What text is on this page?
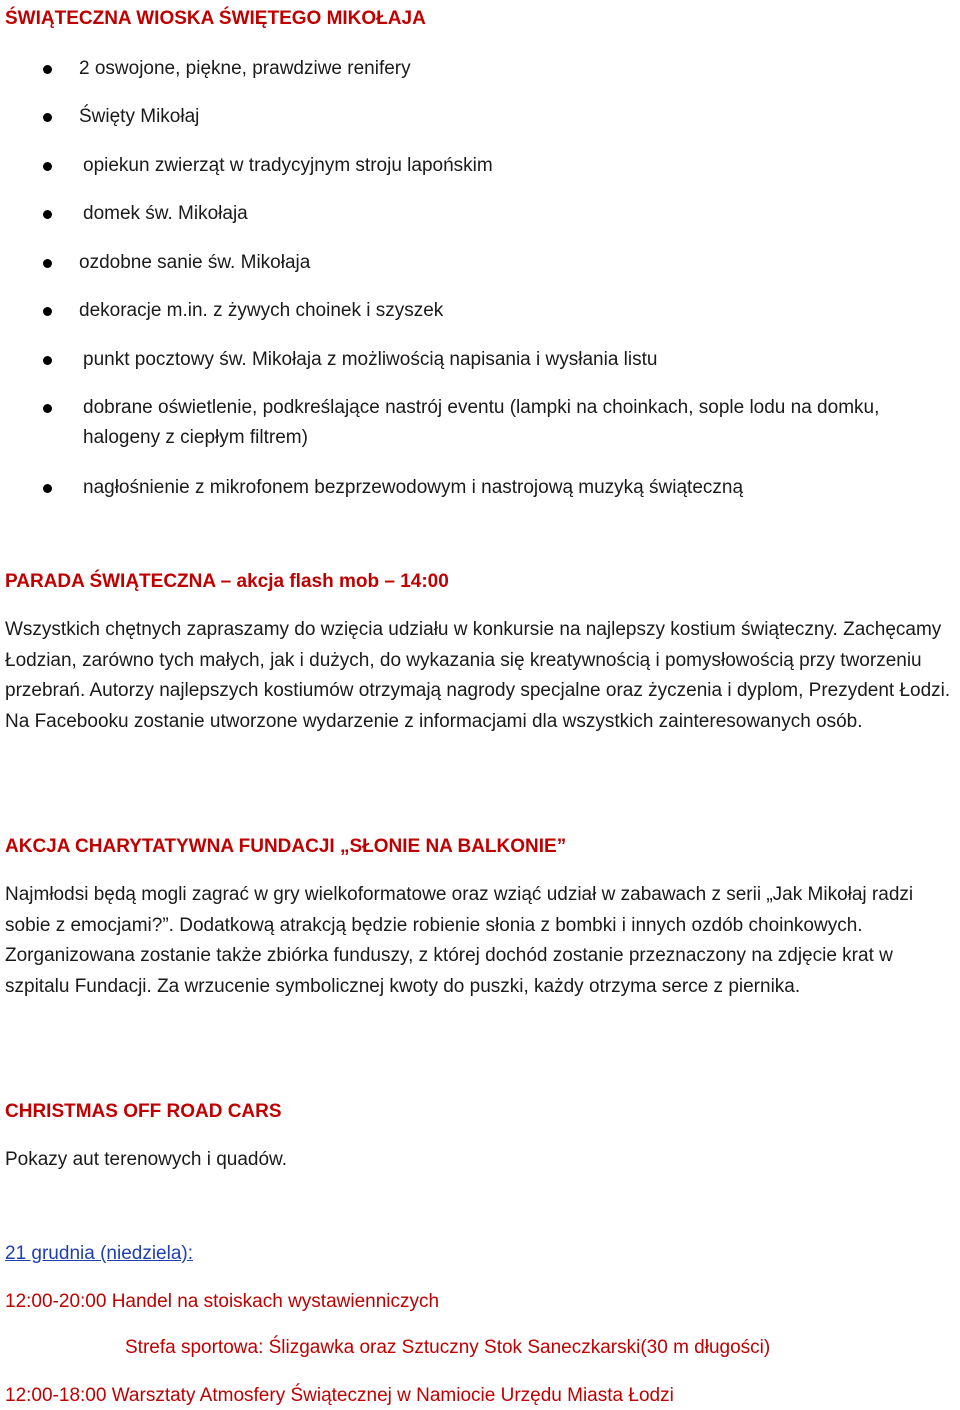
ŚWIĄTECZNA WIOSKA ŚWIĘTEGO MIKOŁAJA
2 oswojone, piękne, prawdziwe renifery
Święty Mikołaj
opiekun zwierząt w tradycyjnym stroju lapońskim
domek św. Mikołaja
ozdobne sanie św. Mikołaja
dekoracje m.in. z żywych choinek i szyszek
punkt pocztowy św. Mikołaja z możliwością napisania i wysłania listu
dobrane oświetlenie, podkreślające nastrój eventu (lampki na choinkach, sople lodu na domku, halogeny z ciepłym filtrem)
nagłośnienie z mikrofonem bezprzewodowym i nastrojową muzyką świąteczną
PARADA ŚWIĄTECZNA – akcja flash mob – 14:00

Wszystkich chętnych zapraszamy do wzięcia udziału w konkursie na najlepszy kostium świąteczny. Zachęcamy Łodzian, zarówno tych małych, jak i dużych, do wykazania się kreatywnością i pomysłowością przy tworzeniu przebrań. Autorzy najlepszych kostiumów otrzymają nagrody specjalne oraz życzenia i dyplom, Prezydent Łodzi. Na Facebooku zostanie utworzone wydarzenie z informacjami dla wszystkich zainteresowanych osób.

AKCJA CHARYTATYWNA FUNDACJI „SŁONIE NA BALKONIE”

Najmłodsi będą mogli zagrać w gry wielkoformatowe oraz wziąć udział w zabawach z serii „Jak Mikołaj radzi sobie z emocjami?”. Dodatkową atrakcją będzie robienie słonia z bombki i innych ozdób choinkowych. Zorganizowana zostanie także zbiórka funduszy, z której dochód zostanie przeznaczony na zdjęcie krat w szpitalu Fundacji. Za wrzucenie symbolicznej kwoty do puszki, każdy otrzyma serce z piernika.

CHRISTMAS OFF ROAD CARS

Pokazy aut terenowych i quadów.

21 grudnia (niedziela):

12:00-20:00 Handel na stoiskach wystawienniczych

Strefa sportowa: Ślizgawka oraz Sztuczny Stok Saneczkarski(30 m długości)

12:00-18:00 Warsztaty Atmosfery Świątecznej w Namiocie Urzędu Miasta Łodzi
